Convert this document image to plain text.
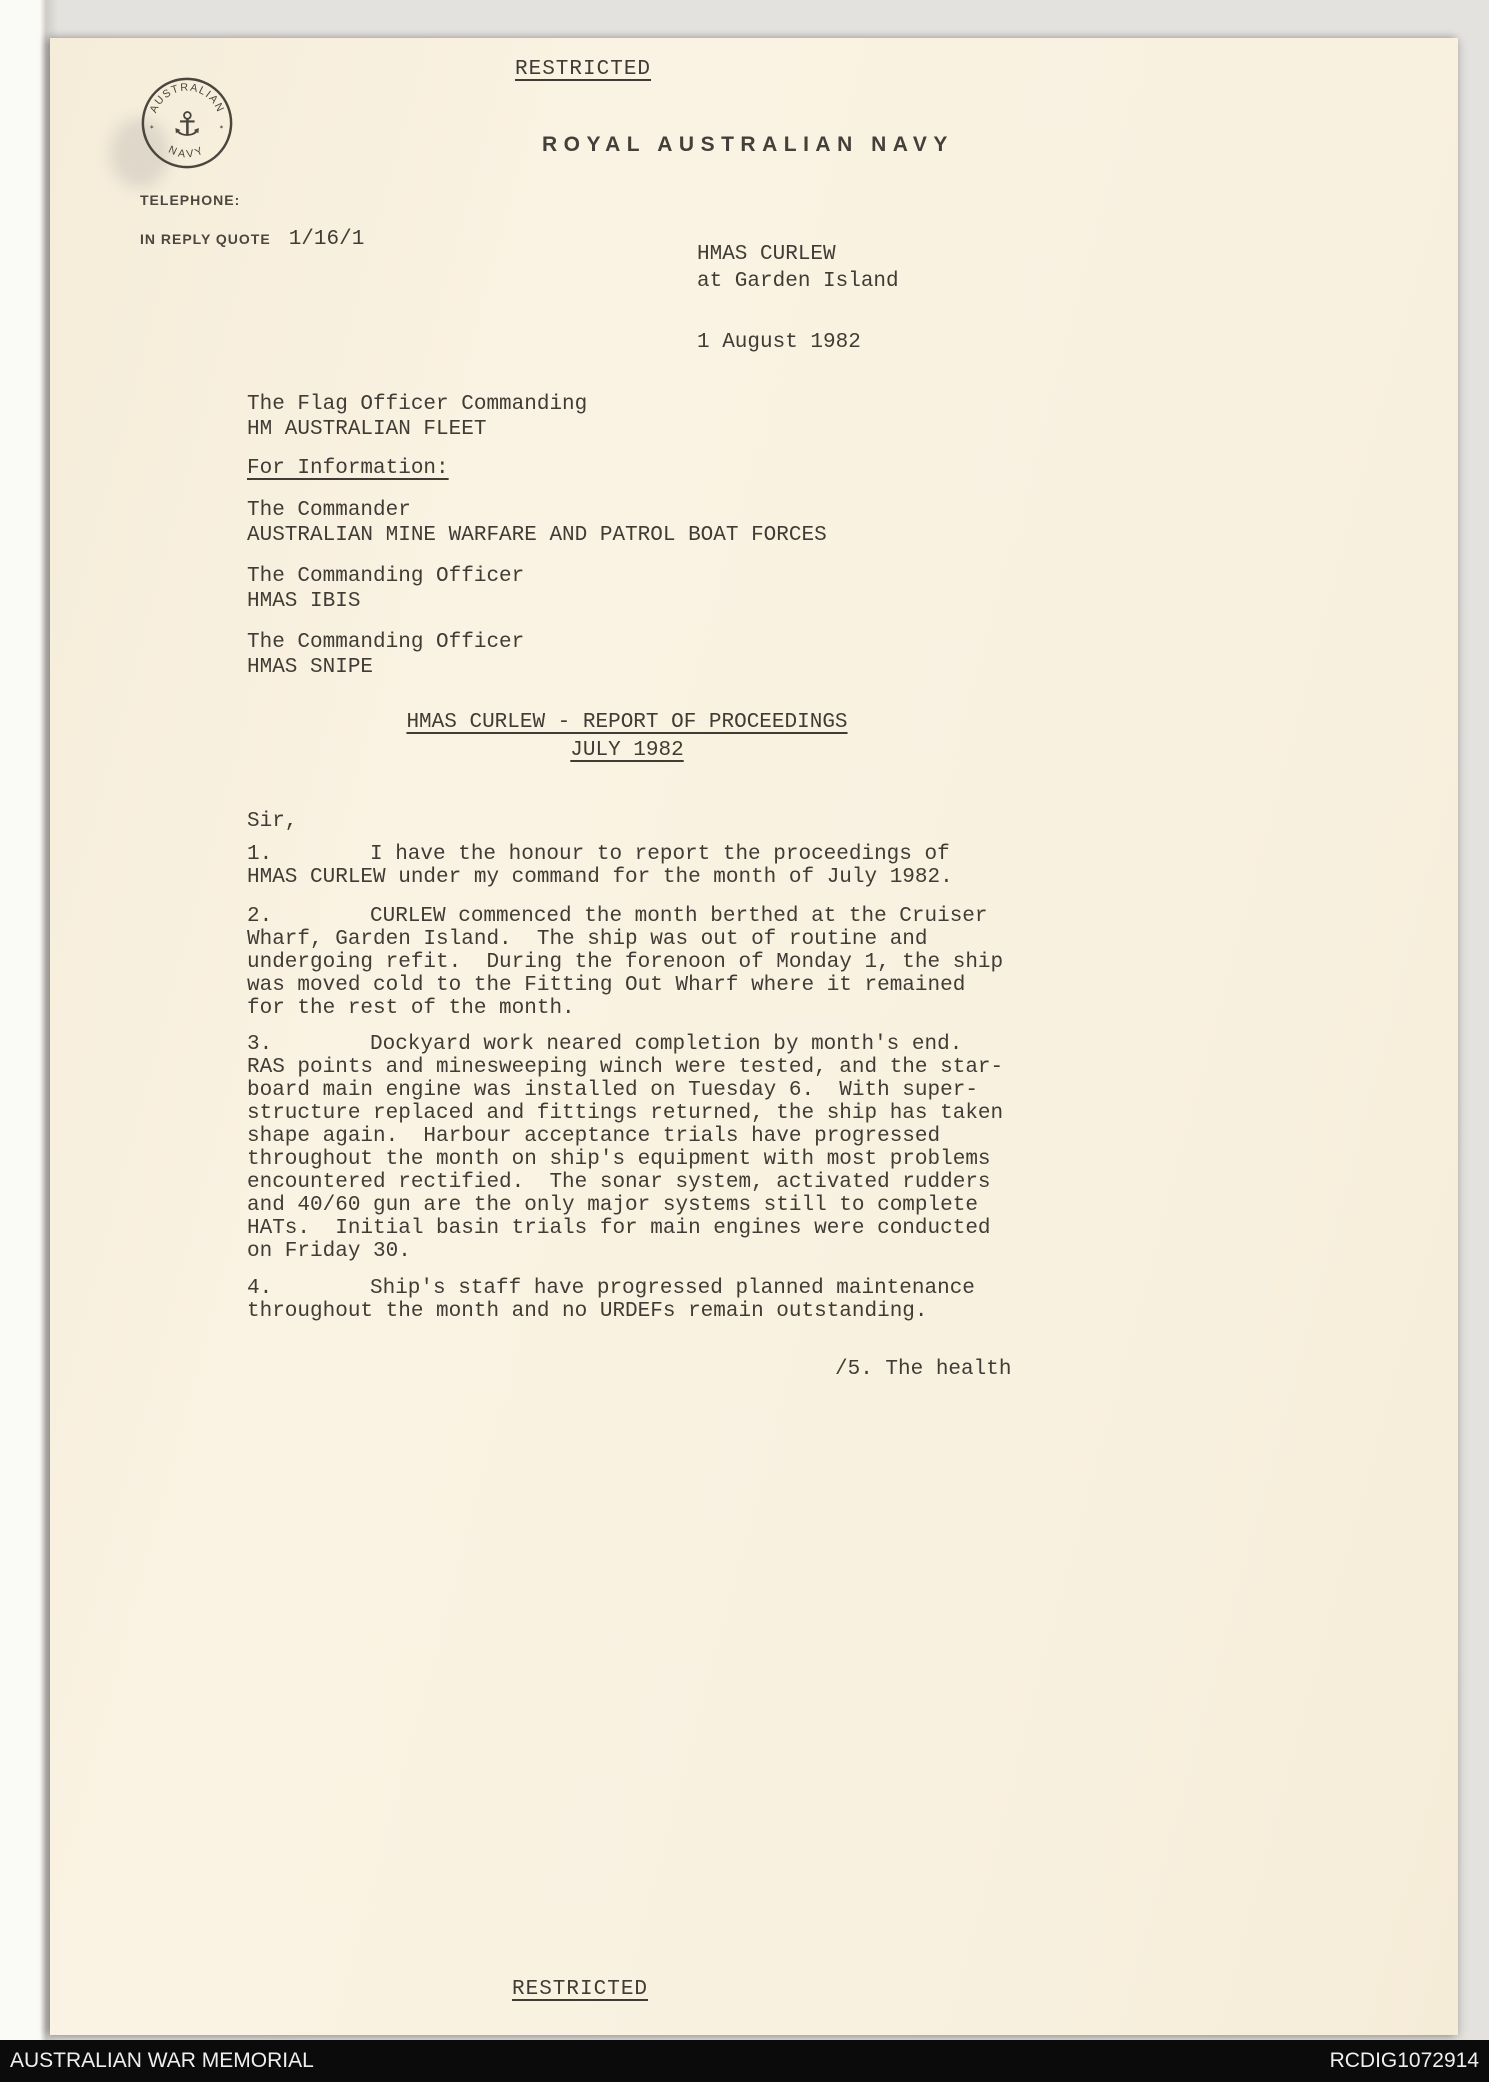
RESTRICTED
AUSTRALIAN
NAVY
⚓
✶	✶
ROYAL AUSTRALIAN NAVY
TELEPHONE:
IN REPLY QUOTE 1/16/1
HMAS CURLEW
at Garden Island
1 August 1982
The Flag Officer Commanding
HM AUSTRALIAN FLEET
For Information:
The Commander
AUSTRALIAN MINE WARFARE AND PATROL BOAT FORCES
The Commanding Officer
HMAS IBIS
The Commanding Officer
HMAS SNIPE
HMAS CURLEW - REPORT OF PROCEEDINGS
JULY 1982
Sir,
1.	I have the honour to report the proceedings of
HMAS CURLEW under my command for the month of July 1982.
2.	CURLEW commenced the month berthed at the Cruiser
Wharf, Garden Island.  The ship was out of routine and
undergoing refit.  During the forenoon of Monday 1, the ship
was moved cold to the Fitting Out Wharf where it remained
for the rest of the month.
3.	Dockyard work neared completion by month's end.
RAS points and minesweeping winch were tested, and the star-
board main engine was installed on Tuesday 6.  With super-
structure replaced and fittings returned, the ship has taken
shape again.  Harbour acceptance trials have progressed
throughout the month on ship's equipment with most problems
encountered rectified.  The sonar system, activated rudders
and 40/60 gun are the only major systems still to complete
HATs.  Initial basin trials for main engines were conducted
on Friday 30.
4.	Ship's staff have progressed planned maintenance
throughout the month and no URDEFs remain outstanding.
/5. The health
RESTRICTED
AUSTRALIAN WAR MEMORIAL	RCDIG1072914
